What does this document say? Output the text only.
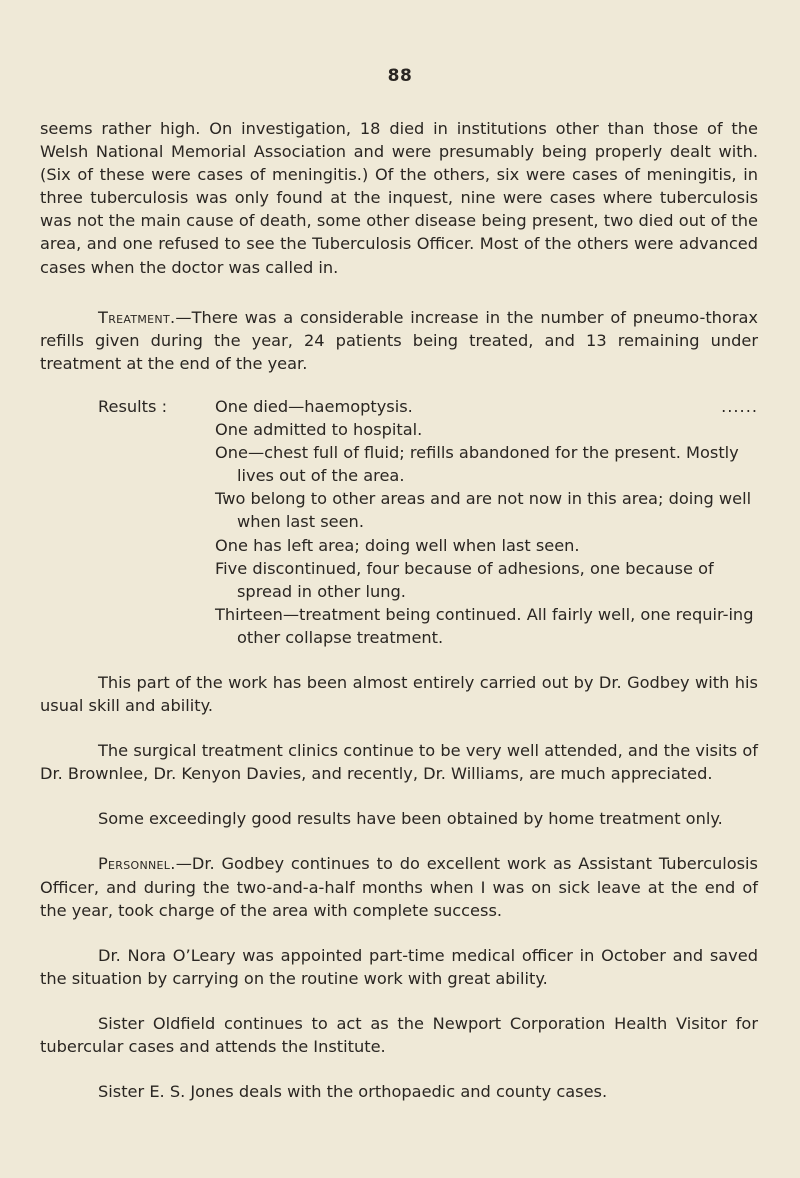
88

seems rather high. On investigation, 18 died in institutions other than those of the Welsh National Memorial Association and were presumably being properly dealt with. (Six of these were cases of meningitis.) Of the others, six were cases of meningitis, in three tuberculosis was only found at the inquest, nine were cases where tuberculosis was not the main cause of death, some other disease being present, two died out of the area, and one refused to see the Tuberculosis Officer. Most of the others were advanced cases when the doctor was called in.

Treatment.—There was a considerable increase in the number of pneumo-thorax refills given during the year, 24 patients being treated, and 13 remaining under treatment at the end of the year.

Results :	......
One died—haemoptysis.
One admitted to hospital.
One—chest full of fluid; refills abandoned for the present. Mostly lives out of the area.
Two belong to other areas and are not now in this area; doing well when last seen.
One has left area; doing well when last seen.
Five discontinued, four because of adhesions, one because of spread in other lung.
Thirteen—treatment being continued. All fairly well, one requir-ing other collapse treatment.

This part of the work has been almost entirely carried out by Dr. Godbey with his usual skill and ability.

The surgical treatment clinics continue to be very well attended, and the visits of Dr. Brownlee, Dr. Kenyon Davies, and recently, Dr. Williams, are much appreciated.

Some exceedingly good results have been obtained by home treatment only.

Personnel.—Dr. Godbey continues to do excellent work as Assistant Tuberculosis Officer, and during the two-and-a-half months when I was on sick leave at the end of the year, took charge of the area with complete success.

Dr. Nora O’Leary was appointed part-time medical officer in October and saved the situation by carrying on the routine work with great ability.

Sister Oldfield continues to act as the Newport Corporation Health Visitor for tubercular cases and attends the Institute.

Sister E. S. Jones deals with the orthopaedic and county cases.
